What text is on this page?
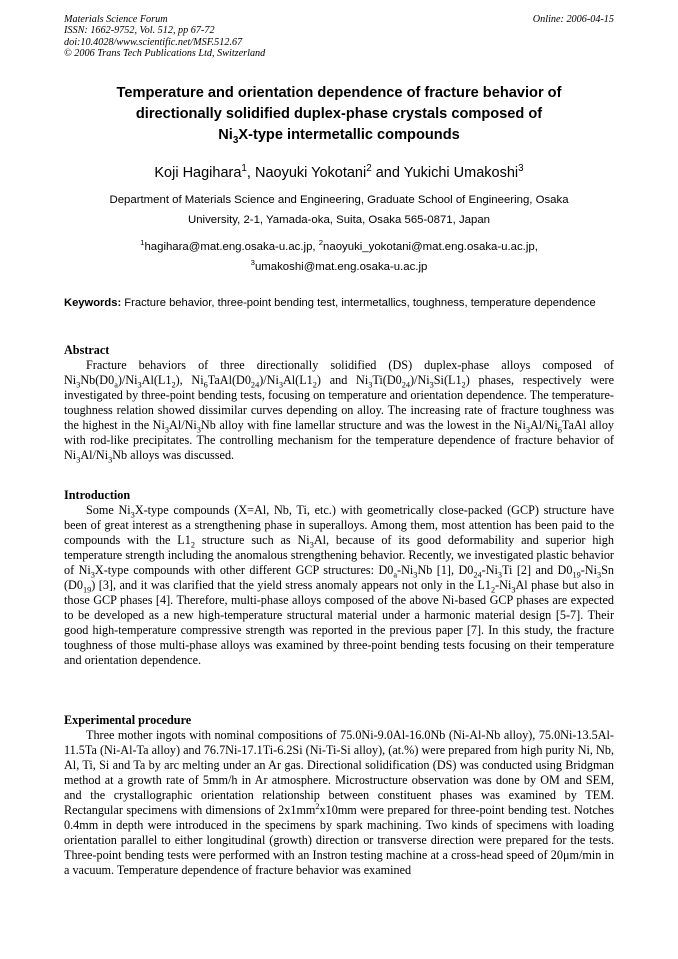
Materials Science Forum
ISSN: 1662-9752, Vol. 512, pp 67-72
doi:10.4028/www.scientific.net/MSF.512.67
© 2006 Trans Tech Publications Ltd, Switzerland
Online: 2006-04-15
Temperature and orientation dependence of fracture behavior of
directionally solidified duplex-phase crystals composed of
$Ni_3X$-type intermetallic compounds
Koji Hagihara$^1$, Naoyuki Yokotani$^2$ and Yukichi Umakoshi$^3$
Department of Materials Science and Engineering, Graduate School of Engineering, Osaka
University, 2-1, Yamada-oka, Suita, Osaka 565-0871, Japan
$^1$hagihara@mat.eng.osaka-u.ac.jp, $^2$naoyuki_yokotani@mat.eng.osaka-u.ac.jp,
$^3$umakoshi@mat.eng.osaka-u.ac.jp
Keywords: Fracture behavior, three-point bending test, intermetallics, toughness, temperature dependence
Abstract

Fracture behaviors of three directionally solidified (DS) duplex-phase alloys composed of $Ni_3Nb(D0_a)/Ni_3Al(L1_2)$, $Ni_6TaAl(D0_{24})/Ni_3Al(L1_2)$ and $Ni_3Ti(D0_{24})/Ni_3Si(L1_2)$ phases, respectively were investigated by three-point bending tests, focusing on temperature and orientation dependence. The temperature-toughness relation showed dissimilar curves depending on alloy. The increasing rate of fracture toughness was the highest in the $Ni_3Al/Ni_3Nb$ alloy with fine lamellar structure and was the lowest in the $Ni_3Al/Ni_6TaAl$ alloy with rod-like precipitates. The controlling mechanism for the temperature dependence of fracture behavior of $Ni_3Al/Ni_3Nb$ alloys was discussed.

Introduction

Some $Ni_3X$-type compounds (X=Al, Nb, Ti, etc.) with geometrically close-packed (GCP) structure have been of great interest as a strengthening phase in superalloys. Among them, most attention has been paid to the compounds with the $L1_2$ structure such as $Ni_3Al$, because of its good deformability and superior high temperature strength including the anomalous strengthening behavior. Recently, we investigated plastic behavior of $Ni_3X$-type compounds with other different GCP structures: $D0_a-Ni_3Nb$ [1], $D0_{24}-Ni_3Ti$ [2] and $D0_{19}-Ni_3Sn$ $(D0_{19})$ [3], and it was clarified that the yield stress anomaly appears not only in the $L1_2-Ni_3Al$ phase but also in those GCP phases [4]. Therefore, multi-phase alloys composed of the above Ni-based GCP phases are expected to be developed as a new high-temperature structural material under a harmonic material design [5-7]. Their good high-temperature compressive strength was reported in the previous paper [7]. In this study, the fracture toughness of those multi-phase alloys was examined by three-point bending tests focusing on their temperature and orientation dependence.

Experimental procedure

Three mother ingots with nominal compositions of 75.0Ni-9.0Al-16.0Nb (Ni-Al-Nb alloy), 75.0Ni-13.5Al-11.5Ta (Ni-Al-Ta alloy) and 76.7Ni-17.1Ti-6.2Si (Ni-Ti-Si alloy), (at.%) were prepared from high purity Ni, Nb, Al, Ti, Si and Ta by arc melting under an Ar gas. Directional solidification (DS) was conducted using Bridgman method at a growth rate of 5mm/h in Ar atmosphere. Microstructure observation was done by OM and SEM, and the crystallographic orientation relationship between constituent phases was examined by TEM. Rectangular specimens with dimensions of $2x1mm^2x10mm$ were prepared for three-point bending test. Notches 0.4mm in depth were introduced in the specimens by spark machining. Two kinds of specimens with loading orientation parallel to either longitudinal (growth) direction or transverse direction were prepared for the tests. Three-point bending tests were performed with an Instron testing machine at a cross-head speed of 20μm/min in a vacuum. Temperature dependence of fracture behavior was examined
